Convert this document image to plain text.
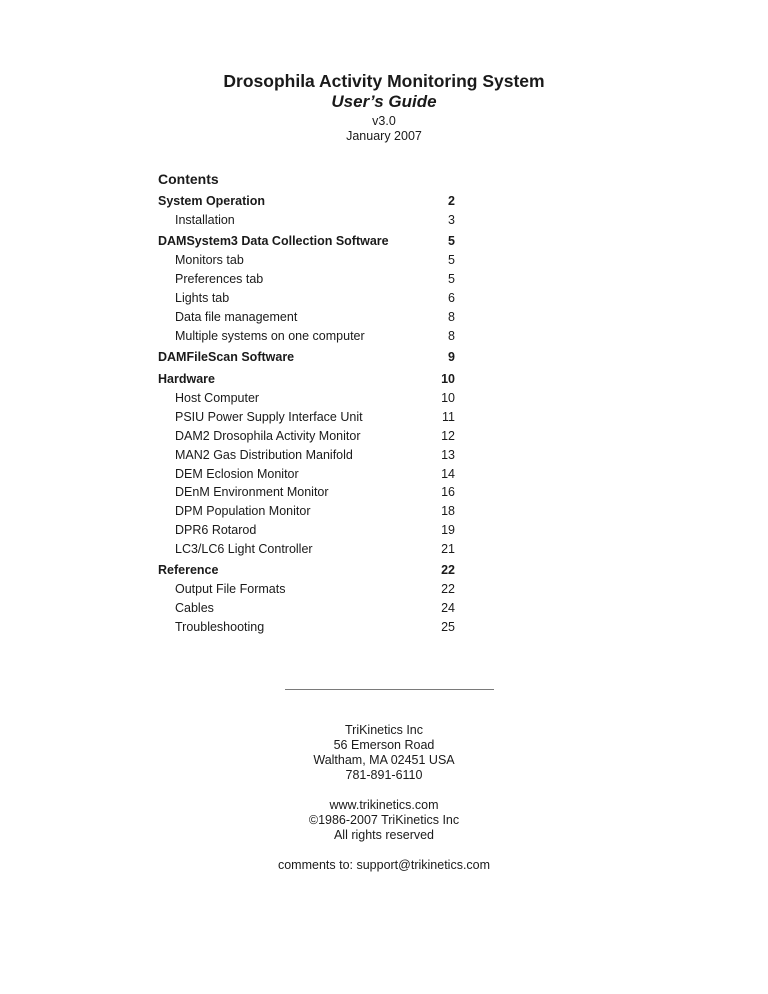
Drosophila Activity Monitoring System
User’s Guide
v3.0
January 2007
Contents
System Operation	2
Installation	3
DAMSystem3 Data Collection Software	5
Monitors tab	5
Preferences tab	5
Lights tab	6
Data file management	8
Multiple systems on one computer	8
DAMFileScan Software	9
Hardware	10
Host Computer	10
PSIU Power Supply Interface Unit	11
DAM2 Drosophila Activity Monitor	12
MAN2 Gas Distribution Manifold	13
DEM Eclosion Monitor	14
DEnM Environment Monitor	16
DPM Population Monitor	18
DPR6 Rotarod	19
LC3/LC6 Light Controller	21
Reference	22
Output File Formats	22
Cables	24
Troubleshooting	25
TriKinetics Inc
56 Emerson Road
Waltham, MA 02451 USA
781-891-6110
www.trikinetics.com
©1986-2007 TriKinetics Inc
All rights reserved
comments to: support@trikinetics.com
